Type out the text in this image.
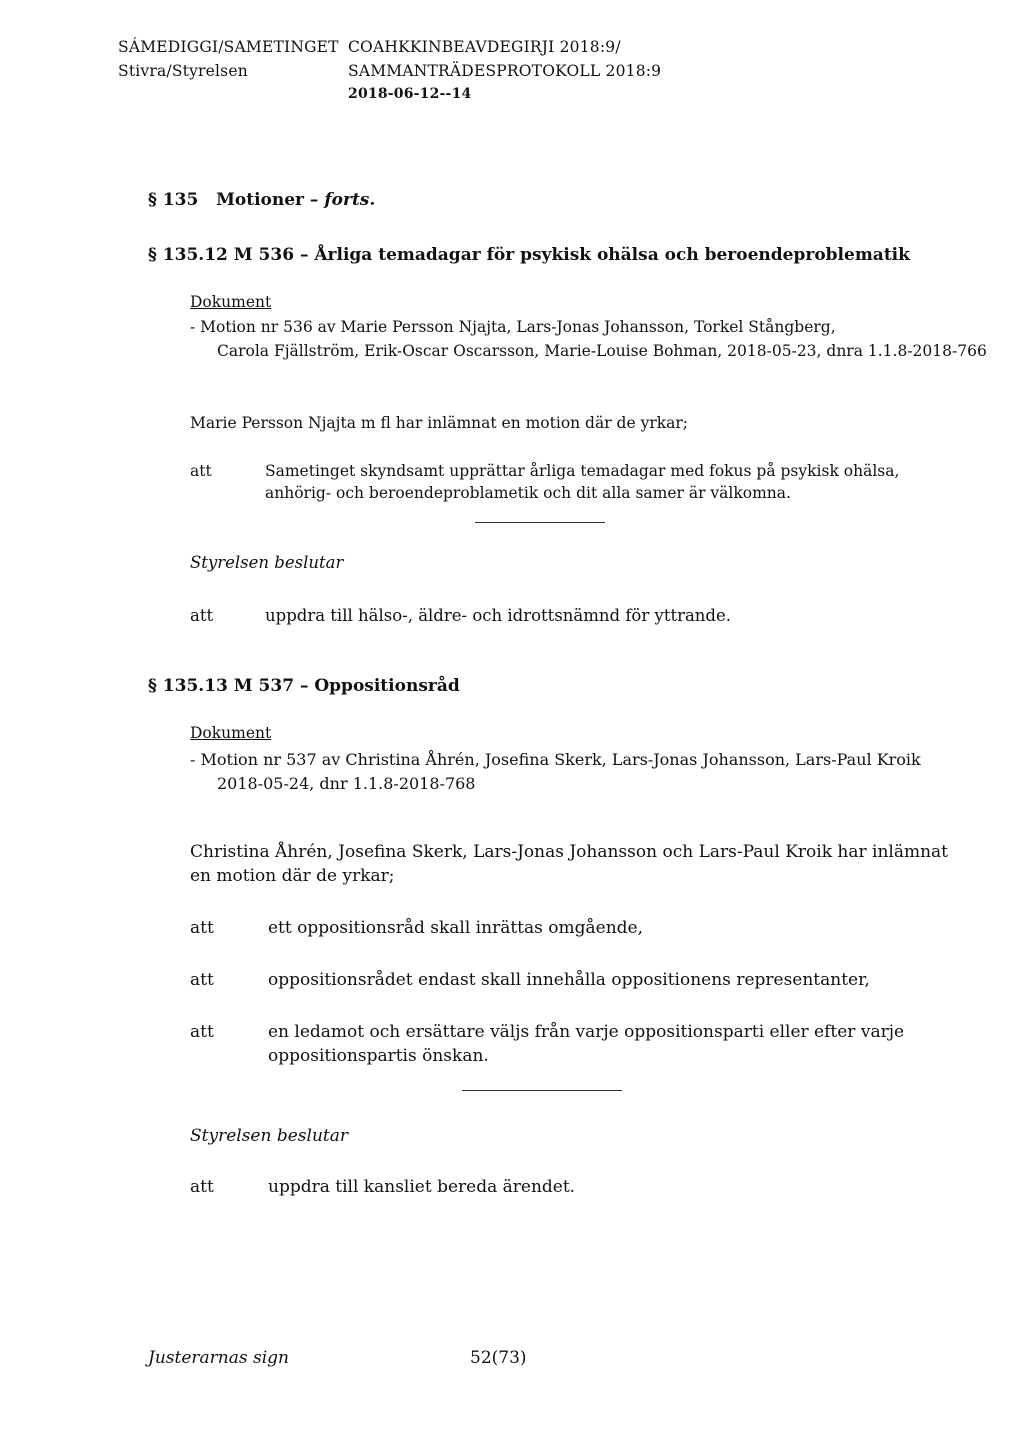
SÁMEDIGGI/SAMETINGET
Stivra/Styrelsen
COAHKKINBEAVDEGIRJI 2018:9/
SAMMANTRÄDESPROTOKOLL 2018:9
2018-06-12--14
§ 135 Motioner – forts.
§ 135.12 M 536 – Årliga temadagar för psykisk ohälsa och beroendeproblematik
Dokument
- Motion nr 536 av Marie Persson Njajta, Lars-Jonas Johansson, Torkel Stångberg,
Carola Fjällström, Erik-Oscar Oscarsson, Marie-Louise Bohman, 2018-05-23, dnra 1.1.8-2018-766
Marie Persson Njajta m fl har inlämnat en motion där de yrkar;
att	Sametinget skyndsamt upprättar årliga temadagar med fokus på psykisk ohälsa,
anhörig- och beroendeproblametik och dit alla samer är välkomna.
Styrelsen beslutar
att	uppdra till hälso-, äldre- och idrottsnämnd för yttrande.
§ 135.13 M 537 – Oppositionsråd
Dokument
- Motion nr 537 av Christina Åhrén, Josefina Skerk, Lars-Jonas Johansson, Lars-Paul Kroik
2018-05-24, dnr 1.1.8-2018-768
Christina Åhrén, Josefina Skerk, Lars-Jonas Johansson och Lars-Paul Kroik har inlämnat
en motion där de yrkar;
att	ett oppositionsråd skall inrättas omgående,
att	oppositionsrådet endast skall innehålla oppositionens representanter,
att	en ledamot och ersättare väljs från varje oppositionsparti eller efter varje
oppositionspartis önskan.
Styrelsen beslutar
att	uppdra till kansliet bereda ärendet.
Justerarnas sign	52(73)
